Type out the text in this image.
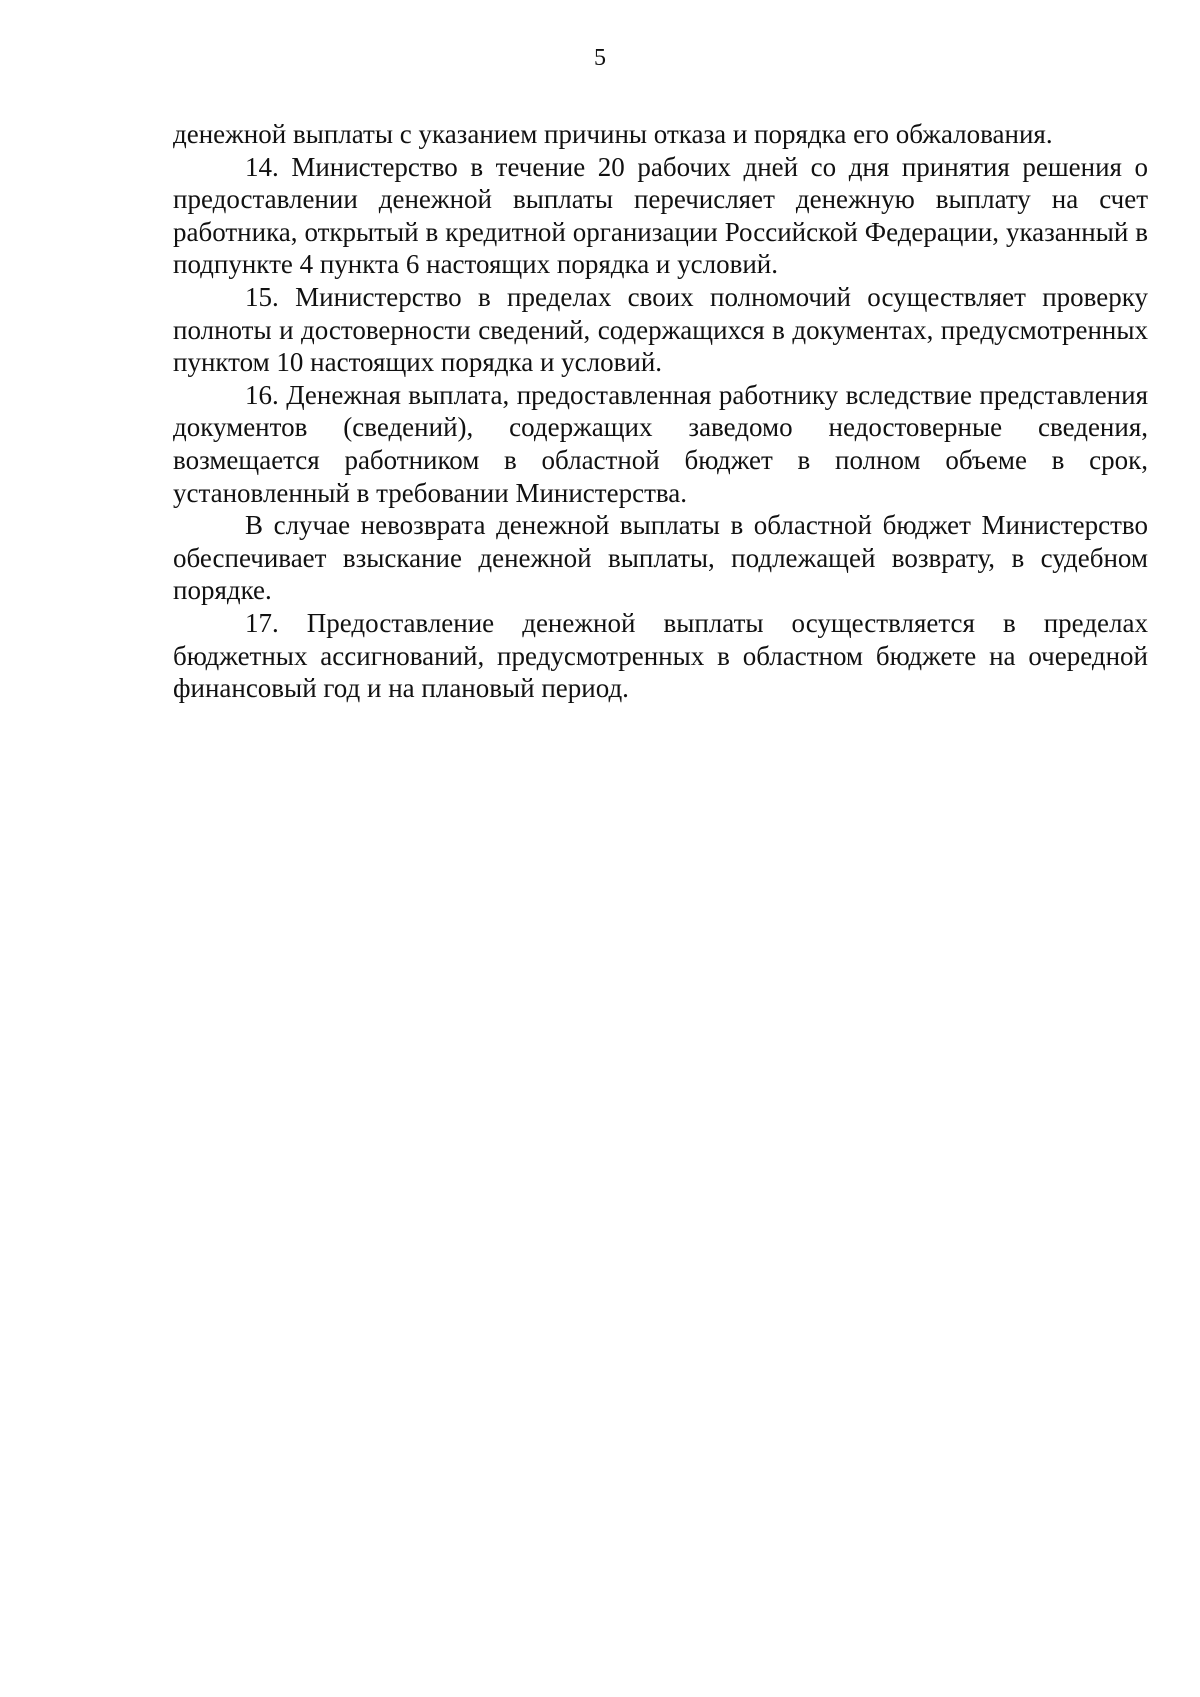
5

денежной выплаты с указанием причины отказа и порядка его обжалования.

14. Министерство в течение 20 рабочих дней со дня принятия решения о предоставлении денежной выплаты перечисляет денежную выплату на счет работника, открытый в кредитной организации Российской Федерации, указанный в подпункте 4 пункта 6 настоящих порядка и условий.

15. Министерство в пределах своих полномочий осуществляет проверку полноты и достоверности сведений, содержащихся в документах, предусмотренных пунктом 10 настоящих порядка и условий.

16. Денежная выплата, предоставленная работнику вследствие представления документов (сведений), содержащих заведомо недостоверные сведения, возмещается работником в областной бюджет в полном объеме в срок, установленный в требовании Министерства.

В случае невозврата денежной выплаты в областной бюджет Министерство обеспечивает взыскание денежной выплаты, подлежащей возврату, в судебном порядке.

17. Предоставление денежной выплаты осуществляется в пределах бюджетных ассигнований, предусмотренных в областном бюджете на очередной финансовый год и на плановый период.
